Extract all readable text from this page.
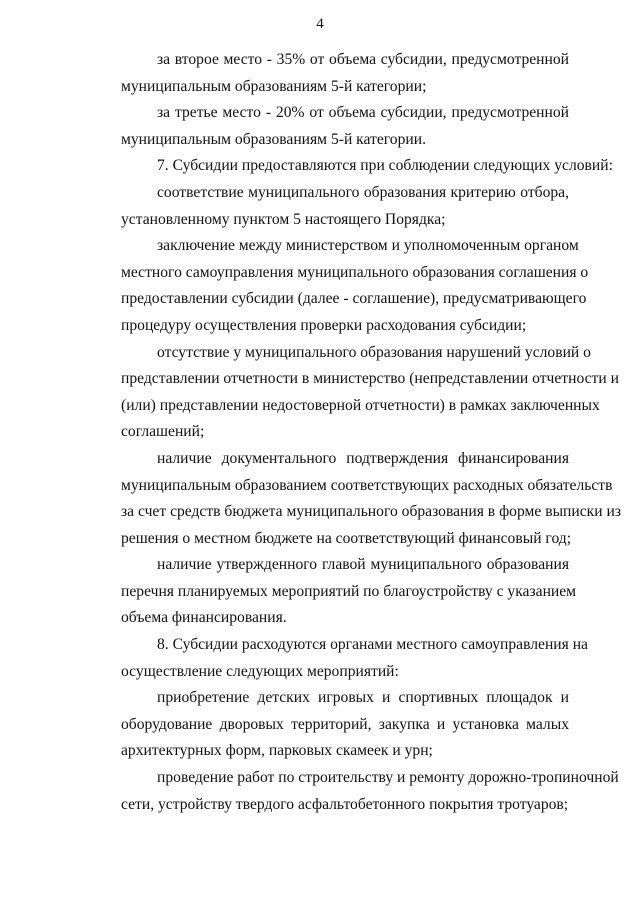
4
за второе место - 35% от объема субсидии, предусмотренной
муниципальным образованиям 5-й категории;
за третье место - 20% от объема субсидии, предусмотренной
муниципальным образованиям 5-й категории.
7. Субсидии предоставляются при соблюдении следующих условий:
соответствие муниципального образования критерию отбора,
установленному пунктом 5 настоящего Порядка;
заключение между министерством и уполномоченным органом
местного самоуправления муниципального образования соглашения о
предоставлении субсидии (далее - соглашение), предусматривающего
процедуру осуществления проверки расходования субсидии;
отсутствие у муниципального образования нарушений условий о
представлении отчетности в министерство (непредставлении отчетности и
(или) представлении недостоверной отчетности) в рамках заключенных
соглашений;
наличие документального подтверждения финансирования
муниципальным образованием соответствующих расходных обязательств
за счет средств бюджета муниципального образования в форме выписки из
решения о местном бюджете на соответствующий финансовый год;
наличие утвержденного главой муниципального образования
перечня планируемых мероприятий по благоустройству с указанием
объема финансирования.
8. Субсидии расходуются органами местного самоуправления на
осуществление следующих мероприятий:
приобретение детских игровых и спортивных площадок и
оборудование дворовых территорий, закупка и установка малых
архитектурных форм, парковых скамеек и урн;
проведение работ по строительству и ремонту дорожно-тропиночной
сети, устройству твердого асфальтобетонного покрытия тротуаров;
